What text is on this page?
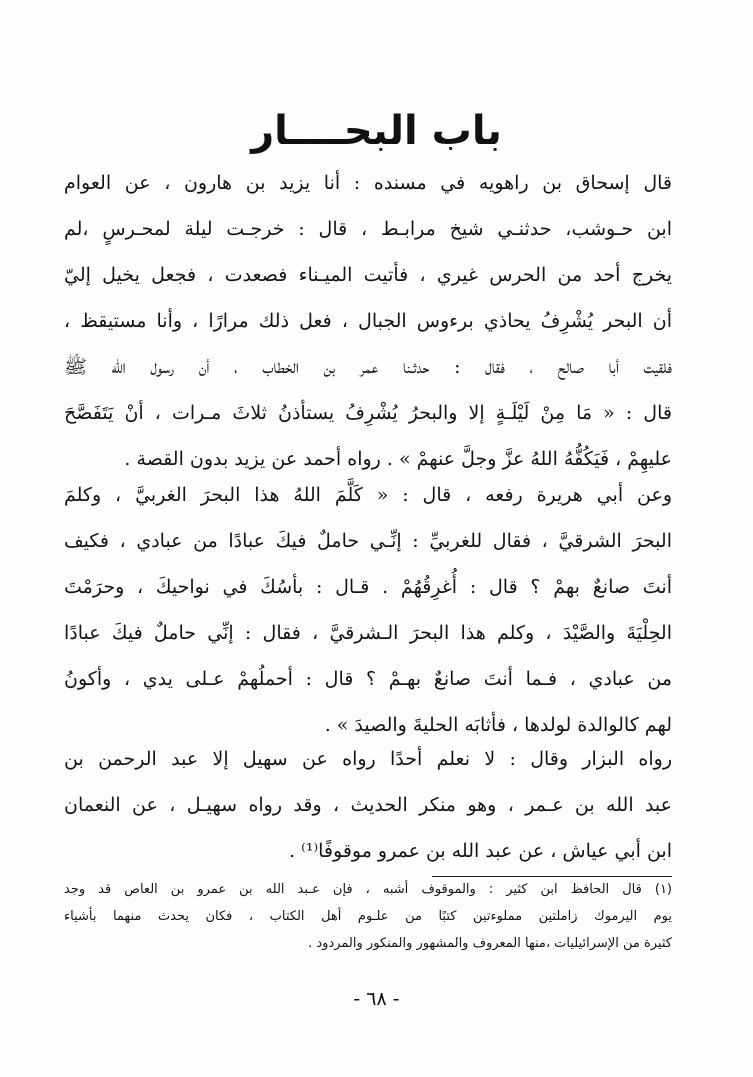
باب البحــــار
قال إسحاق بن راهويه في مسنده : أنا يزيد بن هارون ، عن العوام
ابن حـوشب، حدثنـي شيخ مرابـط ، قال : خرجـت ليلة لمحـرسٍ ،لم
يخرج أحد من الحرس غيري ، فأتيت الميـناء فصعدت ، فجعل يخيل إليّ
أن البحر يُشْرِفُ يحاذي برءوس الجبال ، فعل ذلك مرارًا ، وأنا مستيقظ ،
فلقيت أبا صالح ، فقال : حدثـنا عمر بن الخطاب ، أن رسول الله ﷺ
قال : « مَا مِنْ لَيْلَـةٍ إلا والبحرُ يُشْرِفُ يستأذنُ ثلاثَ مـرات ، أنْ يَتَفَصَّحَ
عليهِمْ ، فَيَكُفُّهُ اللهُ عزَّ وجلَّ عنهمْ » . رواه أحمد عن يزيد بدون القصة .
وعن أبي هريرة رفعه ، قال : « كَلَّمَ اللهُ هذا البحرَ الغربيَّ ، وكلمَ
البحرَ الشرقيَّ ، فقال للغربيِّ : إنِّـي حاملٌ فيكَ عبادًا من عبادي ، فكيف
أنتَ صانعٌ بهمْ ؟ قال : أُغرِقُهُمْ . قـال : بأسُكَ في نواحيكَ ، وحرَمْتَ
الحِلْيَةَ والصَّيْدَ ، وكلم هذا البحرَ الـشرقيَّ ، فقال : إنِّي حاملٌ فيكَ عبادًا
من عبادي ، فـما أنتَ صانعٌ بهـمْ ؟ قال : أحملُهمْ عـلى يدي ، وأكونُ
لهم كالوالدة لولدها ، فأثابَه الحليةَ والصيدَ » .
رواه البزار وقال : لا نعلم أحدًا رواه عن سهيل إلا عبد الرحمن بن
عبد الله بن عـمر ، وهو منكر الحديث ، وقد رواه سهيـل ، عن النعمان
ابن أبي عياش ، عن عبد الله بن عمرو موقوفًا⁽¹⁾ .
(١) قال الحافظ ابن كثير : والموقوف أشبه ، فإن عـبد الله بن عمرو بن العاص قد وجد
يوم اليرموك زاملتين مملوءتين كتبًا من علـوم أهل الكتاب ، فكان يحدث منهما بأشياء
كثيرة من الإسرائيليات ،منها المعروف والمشهور والمنكور والمردود .
- ٦٨ -
